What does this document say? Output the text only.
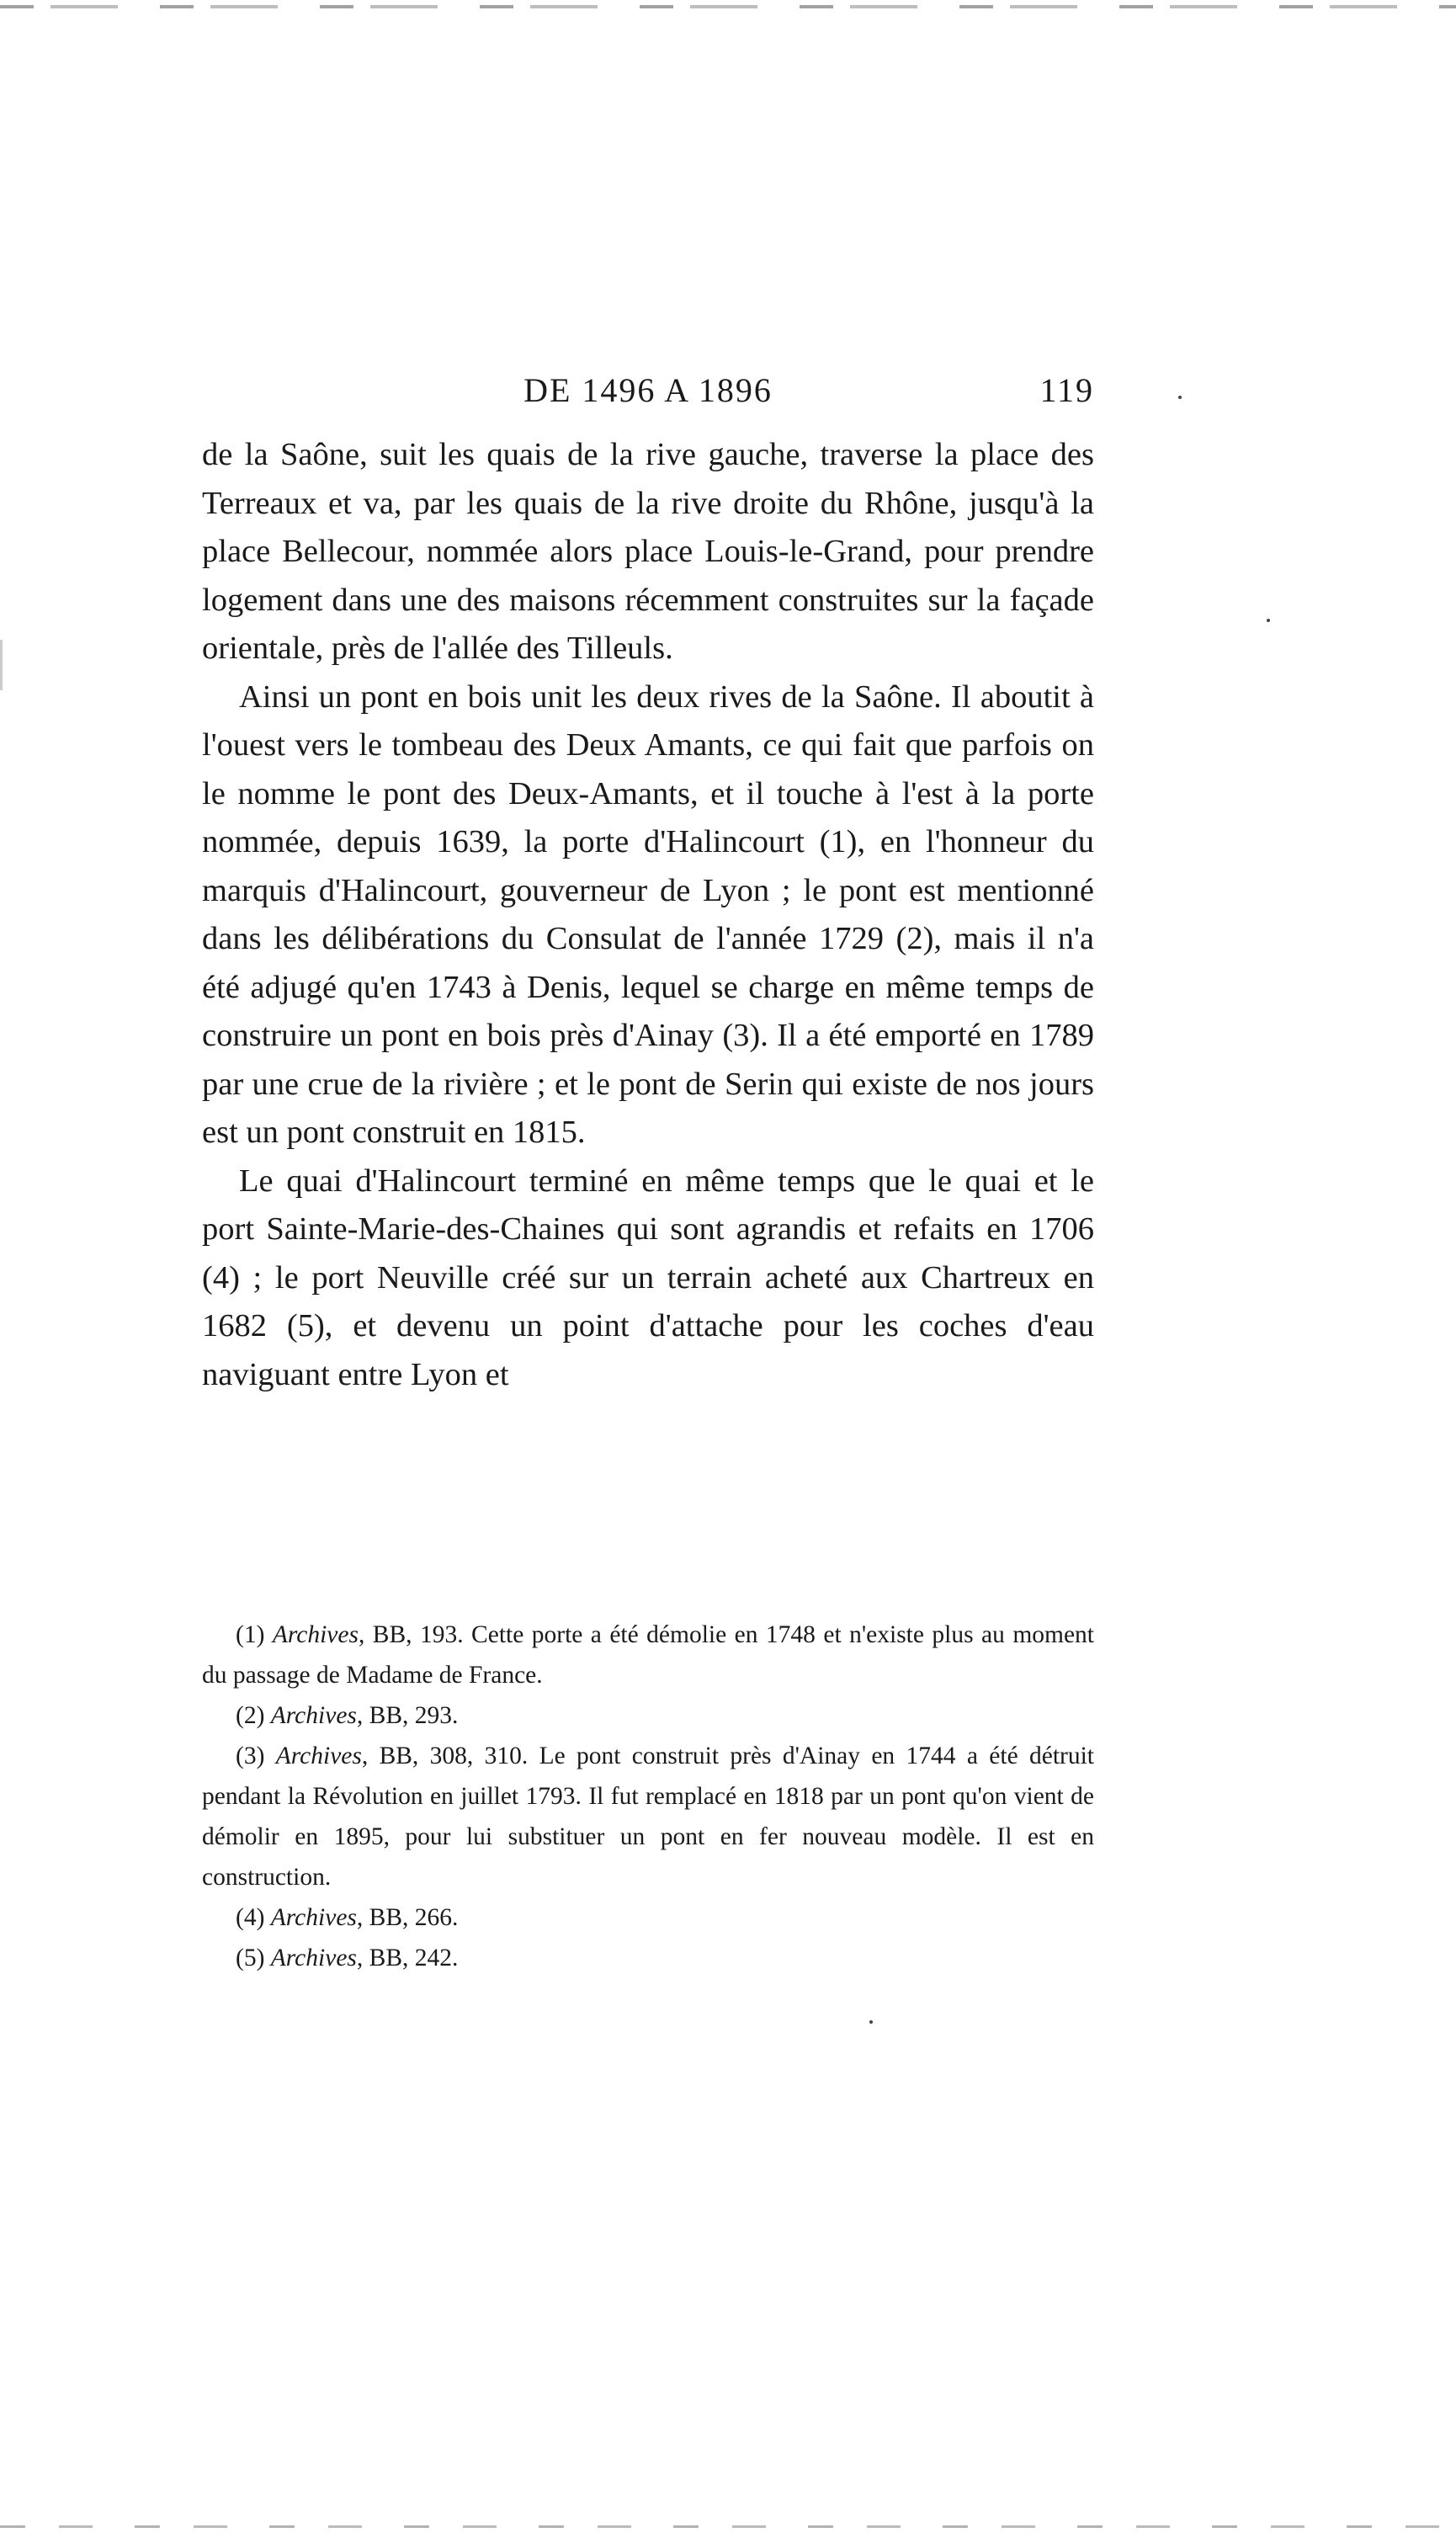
DE 1496 A 1896	119

de la Saône, suit les quais de la rive gauche, traverse la place des Terreaux et va, par les quais de la rive droite du Rhône, jusqu'à la place Bellecour, nommée alors place Louis-le-Grand, pour prendre logement dans une des maisons récemment construites sur la façade orientale, près de l'allée des Tilleuls.

Ainsi un pont en bois unit les deux rives de la Saône. Il aboutit à l'ouest vers le tombeau des Deux Amants, ce qui fait que parfois on le nomme le pont des Deux-Amants, et il touche à l'est à la porte nommée, depuis 1639, la porte d'Halincourt (1), en l'honneur du marquis d'Halincourt, gouverneur de Lyon ; le pont est mentionné dans les délibérations du Consulat de l'année 1729 (2), mais il n'a été adjugé qu'en 1743 à Denis, lequel se charge en même temps de construire un pont en bois près d'Ainay (3). Il a été emporté en 1789 par une crue de la rivière ; et le pont de Serin qui existe de nos jours est un pont construit en 1815.

Le quai d'Halincourt terminé en même temps que le quai et le port Sainte-Marie-des-Chaines qui sont agrandis et refaits en 1706 (4) ; le port Neuville créé sur un terrain acheté aux Chartreux en 1682 (5), et devenu un point d'attache pour les coches d'eau naviguant entre Lyon et

(1) Archives, BB, 193. Cette porte a été démolie en 1748 et n'existe plus au moment du passage de Madame de France.

(2) Archives, BB, 293.

(3) Archives, BB, 308, 310. Le pont construit près d'Ainay en 1744 a été détruit pendant la Révolution en juillet 1793. Il fut remplacé en 1818 par un pont qu'on vient de démolir en 1895, pour lui substituer un pont en fer nouveau modèle. Il est en construction.

(4) Archives, BB, 266.

(5) Archives, BB, 242.
